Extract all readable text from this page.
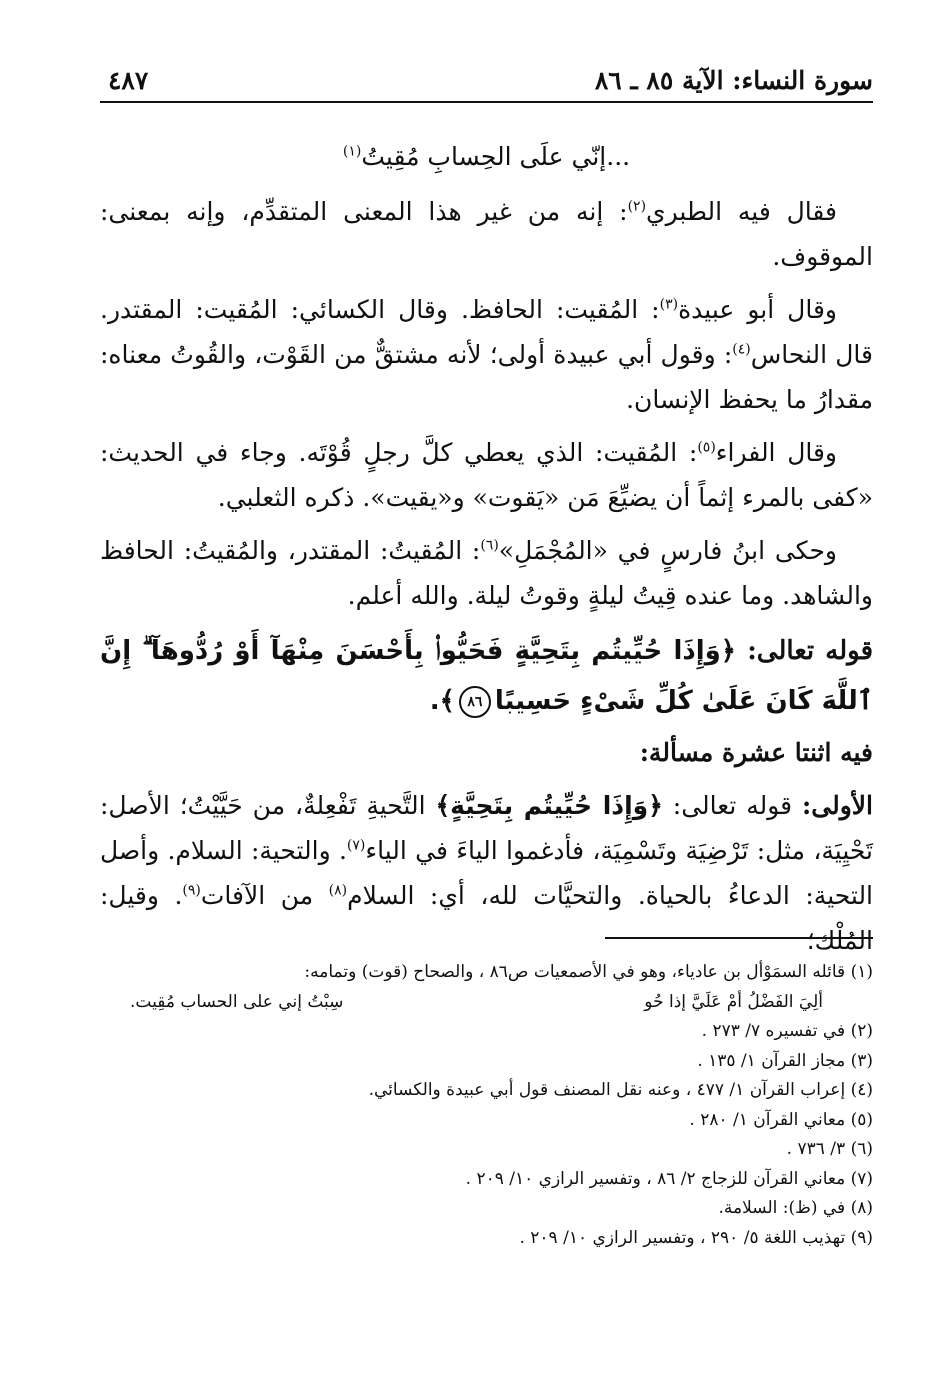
سورة النساء: الآية ٨٥ ـ ٨٦
٤٨٧

...إنّي علَى الحِسابِ مُقِيتُ$^{(١)}$

فقال فيه الطبري$^{(٢)}$: إنه من غير هذا المعنى المتقدِّم، وإنه بمعنى: الموقوف.

وقال أبو عبيدة$^{(٣)}$: المُقيت: الحافظ. وقال الكسائي: المُقيت: المقتدر. قال النحاس$^{(٤)}$: وقول أبي عبيدة أولى؛ لأنه مشتقٌّ من القَوْت، والقُوتُ معناه: مقدارُ ما يحفظ الإنسان.

وقال الفراء$^{(٥)}$: المُقيت: الذي يعطي كلَّ رجلٍ قُوْتَه. وجاء في الحديث: «كفى بالمرء إثماً أن يضيِّعَ مَن «يَقوت» و«يقيت». ذكره الثعلبي.

وحكى ابنُ فارسٍ في «المُجْمَلِ»$^{(٦)}$: المُقيتُ: المقتدر، والمُقيتُ: الحافظ والشاهد. وما عنده قِيتُ ليلةٍ وقوتُ ليلة. والله أعلم.

قوله تعالى: ﴿وَإِذَا حُيِّيتُم بِتَحِيَّةٍ فَحَيُّوا۟ بِأَحْسَنَ مِنْهَآ أَوْ رُدُّوهَآ ۗ إِنَّ ٱللَّهَ كَانَ عَلَىٰ كُلِّ شَىْءٍ حَسِيبًا٨٦﴾.

فيه اثنتا عشرة مسألة:

الأولى: قوله تعالى: ﴿وَإِذَا حُيِّيتُم بِتَحِيَّةٍ﴾ التَّحيةِ تَفْعِلةٌ، من حَيَّيْتُ؛ الأصل: تَحْيِيَة، مثل: تَرْضِيَة وتَسْمِيَة، فأدغموا الياءَ في الياء$^{(٧)}$. والتحية: السلام. وأصل التحية: الدعاءُ بالحياة. والتحيَّات لله، أي: السلام$^{(٨)}$ من الآفات$^{(٩)}$. وقيل: المُلْك؛

(١) قائله السمَوْأل بن عادياء، وهو في الأصمعيات ص٨٦ ، والصحاح (قوت) وتمامه:

ألِيَ الفَضْلُ أمْ عَلَيَّ إذا حُو
سِبْتُ إني على الحساب مُقِيت.

(٢) في تفسيره ٧/ ٢٧٣ .

(٣) مجاز القرآن ١/ ١٣٥ .

(٤) إعراب القرآن ١/ ٤٧٧ ، وعنه نقل المصنف قول أبي عبيدة والكسائي.

(٥) معاني القرآن ١/ ٢٨٠ .

(٦) ٣/ ٧٣٦ .

(٧) معاني القرآن للزجاج ٢/ ٨٦ ، وتفسير الرازي ١٠/ ٢٠٩ .

(٨) في (ظ): السلامة.

(٩) تهذيب اللغة ٥/ ٢٩٠ ، وتفسير الرازي ١٠/ ٢٠٩ .
